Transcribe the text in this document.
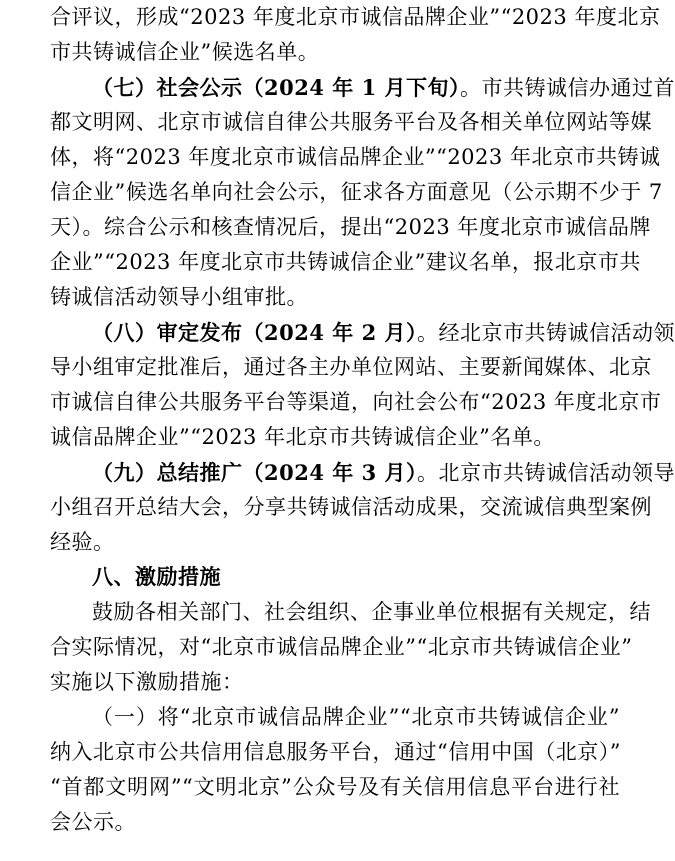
合评议，形成“2023 年度北京市诚信品牌企业”“2023 年度北京
市共铸诚信企业”候选名单。
（七）社会公示（2024 年 1 月下旬）。市共铸诚信办通过首
都文明网、北京市诚信自律公共服务平台及各相关单位网站等媒
体，将“2023 年度北京市诚信品牌企业”“2023 年北京市共铸诚
信企业”候选名单向社会公示，征求各方面意见（公示期不少于 7
天）。综合公示和核查情况后，提出“2023 年度北京市诚信品牌
企业”“2023 年度北京市共铸诚信企业”建议名单，报北京市共
铸诚信活动领导小组审批。
（八）审定发布（2024 年 2 月）。经北京市共铸诚信活动领
导小组审定批准后，通过各主办单位网站、主要新闻媒体、北京
市诚信自律公共服务平台等渠道，向社会公布“2023 年度北京市
诚信品牌企业”“2023 年北京市共铸诚信企业”名单。
（九）总结推广（2024 年 3 月）。北京市共铸诚信活动领导
小组召开总结大会，分享共铸诚信活动成果，交流诚信典型案例
经验。
八、激励措施
鼓励各相关部门、社会组织、企事业单位根据有关规定，结
合实际情况，对“北京市诚信品牌企业”“北京市共铸诚信企业”
实施以下激励措施：
（一）将“北京市诚信品牌企业”“北京市共铸诚信企业”
纳入北京市公共信用信息服务平台，通过“信用中国（北京）”
“首都文明网”“文明北京”公众号及有关信用信息平台进行社
会公示。
